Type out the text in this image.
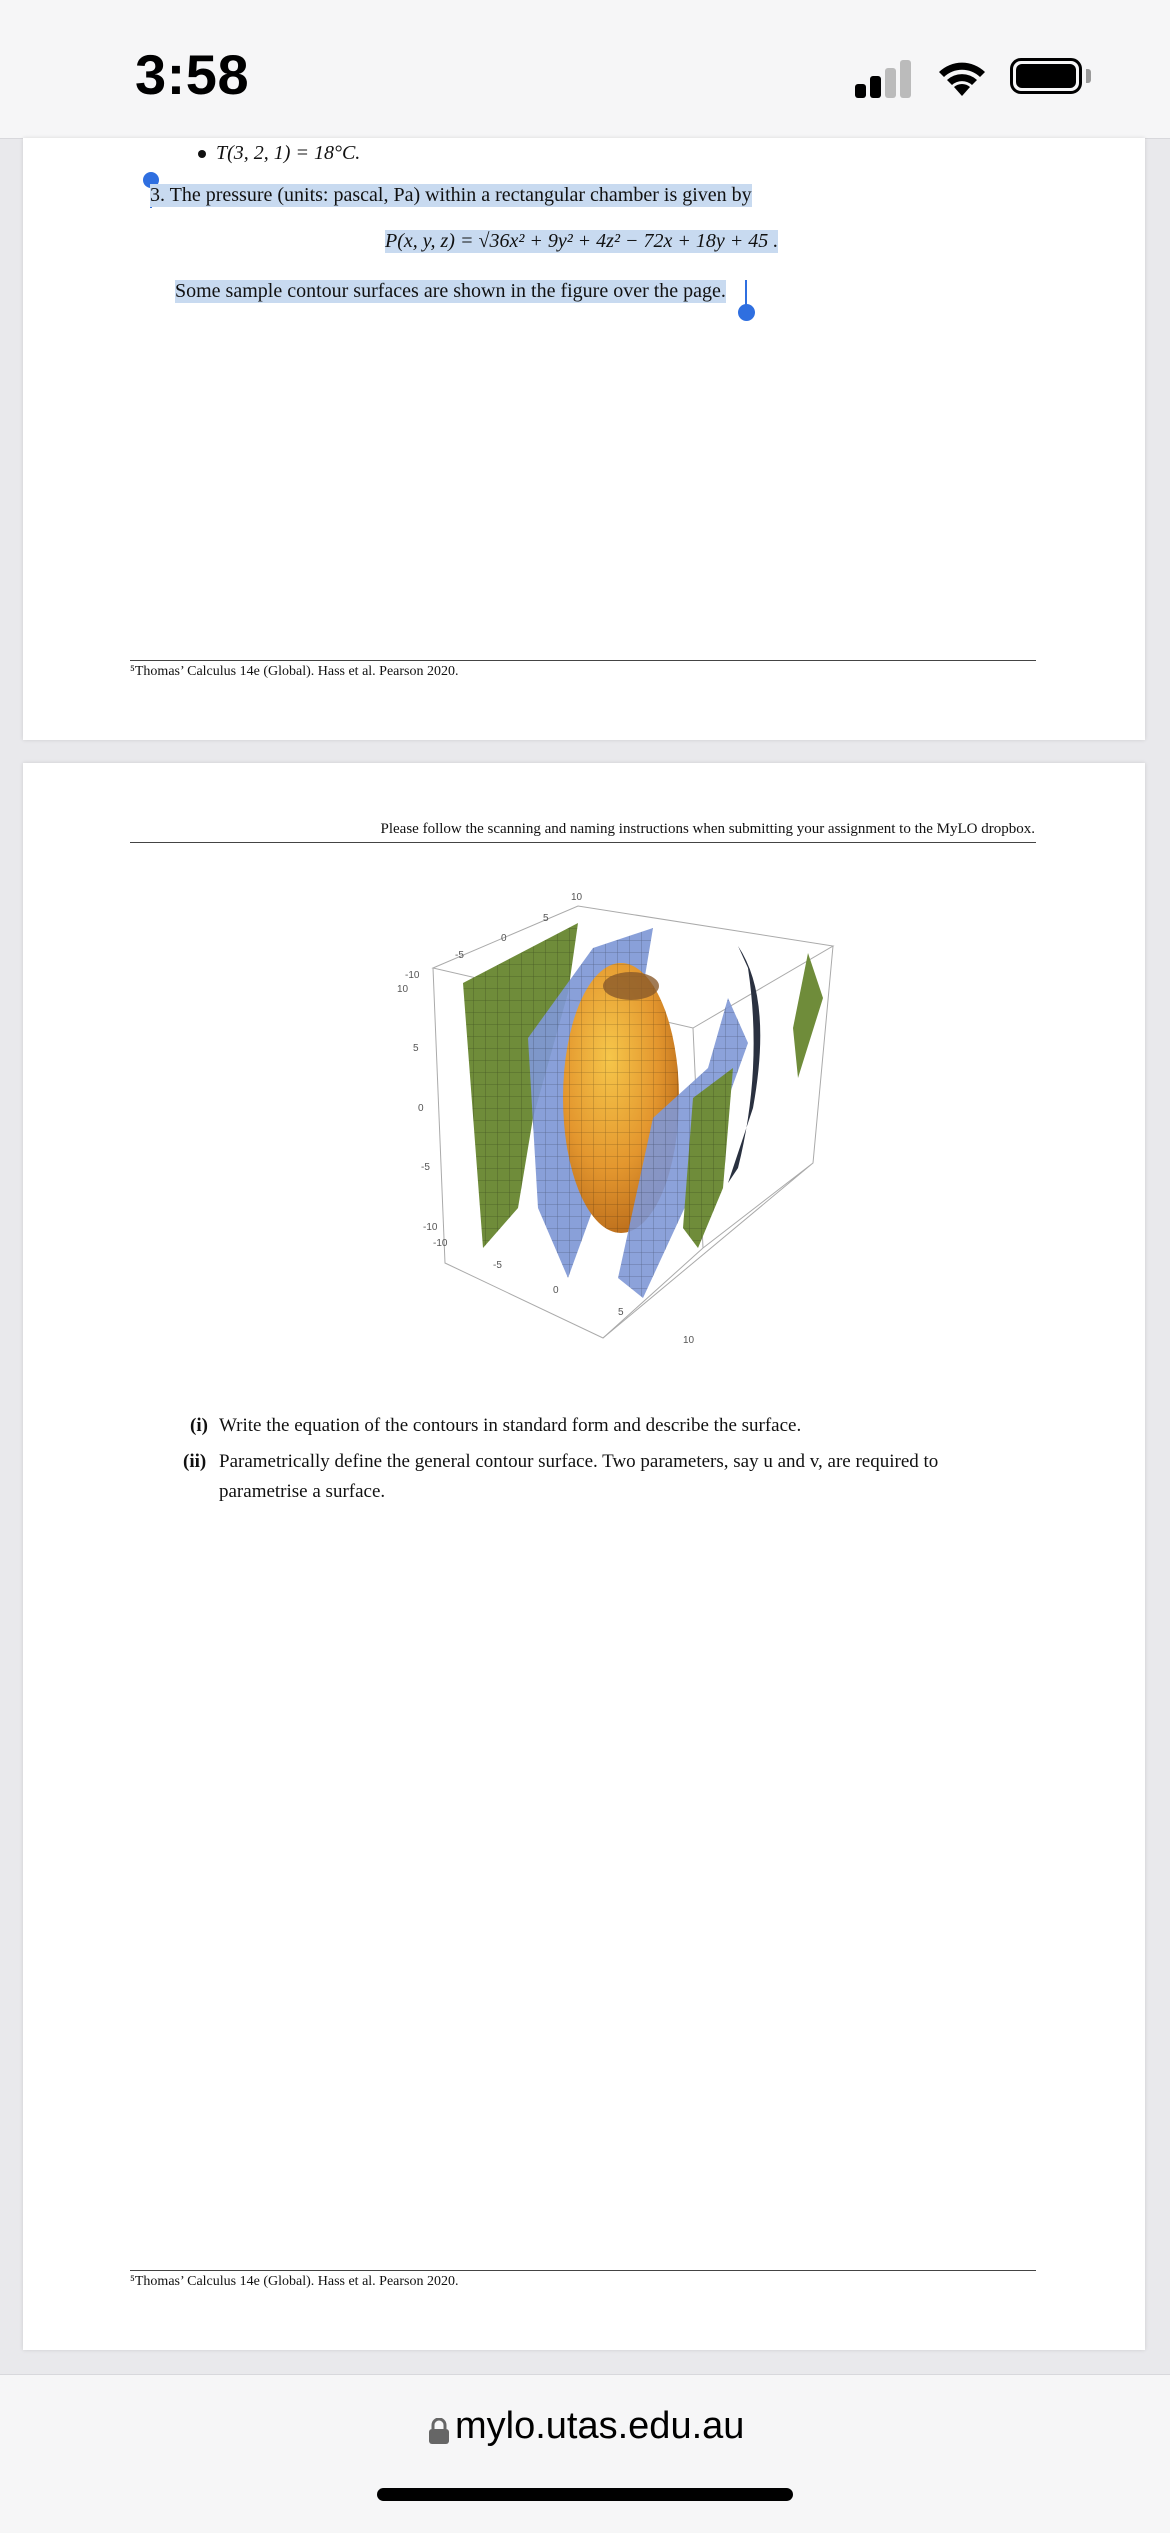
3:58
T(3, 2, 1) = 18°C.
3. The pressure (units: pascal, Pa) within a rectangular chamber is given by
P(x, y, z) = √36x² + 9y² + 4z² − 72x + 18y + 45 .
Some sample contour surfaces are shown in the figure over the page.
⁵Thomas’ Calculus 14e (Global). Hass et al. Pearson 2020.
Please follow the scanning and naming instructions when submitting your assignment to the MyLO dropbox.
10
5
0
-5
-10
10
5
0
-5
-10
-10
-5
0
5
10
(i) Write the equation of the contours in standard form and describe the surface.
(ii) Parametrically define the general contour surface. Two parameters, say u and v, are required to
parametrise a surface.
⁵Thomas’ Calculus 14e (Global). Hass et al. Pearson 2020.
mylo.utas.edu.au
